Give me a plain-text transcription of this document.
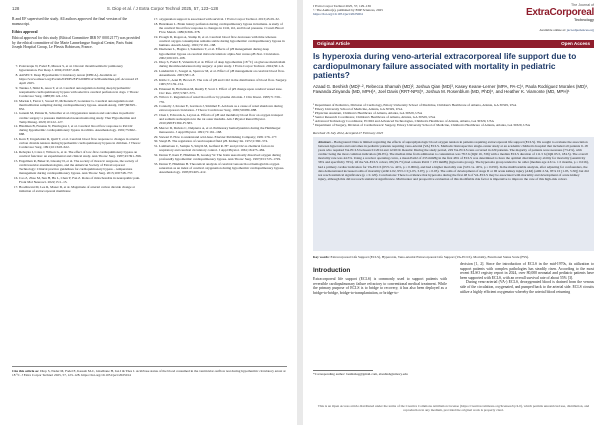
128	S. Diop et al. / J Extra Corpor Technol 2025, 57, 123–128
R and EF supervised the study. All authors approved the final version of the manuscript.
Ethics approval
Ethical approval for this study (Ethical Committee IRB N° 00012177) was provided by the ethical committee of the Marie Lannelongue Surgical Center, Paris Saint Joseph Hospital Group, Le Plessis Robinson, France.
7. Polavarapu N, Fadel E, Mussot S, et al. Chronic thromboembolic pulmonary hypertension. Eur Resp J. 2004;23:637–648.
8. AmSECT. Deep Hypothermic Circulatory Arrest (DHCA). Available at: https://www.amsect.org/Portals/0/PDFs/EP%20DHCA%20Guidelines.pdf. Accessed 23 April 2025.
9. Tanaka J, Shiki K, Asou T, et al. Cerebral autoregulation during deep hypothermic nonpulsatile cardiopulmonary bypass with selective cerebral perfusion in dogs. J Thorac Cardiovasc Surg. 1988;95:124–132.
10. Mackie I, Farrar J, Sweed W, McKenzie F, Gonzalez G. Cerebral autoregulation and thermodilution sampling during cardiopulmonary bypass. Anesth Analg. 1987;66:825–832.
11. Ganesh M, Painter R, Schreiber et al. Oxygenation tension and outcomes in pediatric cardiac surgery: a pressure multimodal neuromonitoring study. Ther Hypothermia and Temp Manag. 2020;10:122–127.
12. Hindman B, Funatsu N, Harrington J, et al. Cerebral blood flow response to PaCO2 during hypothermic cardiopulmonary bypass in rabbits. Anesthesiology. 1991;75:662–668.
13. Kern F, Ungerleider R, Quill T, et al. Cerebral blood flow response to changes in arterial carbon dioxide tension during hypothermic cardiopulmonary bypass in children. J Thorac Cardiovasc Surg. 1991;101:618–622.
14. Rebeyka I, Coles J, Wilson G, et al. The effect of low-flow cardiopulmonary bypass on cerebral function: an experimental and clinical study. Ann Thorac Surg. 1987;43:391–396.
15. Engelman R, Baker R, Likosky D, et al. The society of thoracic surgeons, the society of cardiovascular anesthesiologists, and the American Society of ExtraCorporeal Technology: Clinical practice guidelines for cardiopulmonary bypass – temperature management during cardiopulmonary bypass. Ann Thorac Surg. 2015;100:748–757.
16. Cao Z, Zhao M, Sun H, Hu L, Chen Y, Fan Z. Roles of mitochondria in neuropathic pain. Front Mol Neurosci. 2022;15:1–13.
17. Boodhwani M, Lee R, Mazer D, et al. Magnitude of arterial carbon dioxide change at initiation of extracorporeal membrane
17. oxygenation support is associated with survival. J Extra Corpor Technol. 2013;45:29–32.
18. Henriksen L. Brain luxury perfusion during cardiopulmonary bypass in humans. A study of the cerebral blood flow response to changes in CO2, O2, and blood pressure. J Cereb Blood Flow Metab. 1986;6:366–378.
19. Prough D, Rogers A, Stump D, et al. Cerebral blood flow decreases with time whereas cerebral oxygen consumption remains stable during hypothermic cardiopulmonary bypass in humans. Anesth Analg. 1991;72:161–168.
20. Duebener L, Hagino I, Sakamoto T, et al. Effects of pH management during deep hypothermic bypass on cerebral microcirculation: alpha-Stat versus pH-Stat. Circulation. 2002;106:103–108.
21. Diop S, Fadel E, Valentin P, et al. Effect of deep hypothermia (18 °C) on glucose metabolism during thromboendarterectomy surgery: A pilot study. J Extra Corpor Technol. 2024;56:1–6.
22. Lundström C, Sougal A, Sparrow M, et al. Effect of pH management on cerebral blood flow. Anaesthesia. 2003;58:1–8.
23. Kittle C, Aoki H, Brown E. The role of pH and CO2 in the distribution of blood flow. Surgery. 1965;57:139–154.
24. Emanuel D, Holtzman M, Ruddy F, Scott J. Effect of pH change upon cerebral vessel tone. Circ Res. 1957;5:567–573.
25. Wilcox C. Regulation of renal blood flow by plasma chloride. J Clin Invest. 1983;71:726–735.
26. Connolly J, Kroner E, Garrison J, Stimmel E. Acidosis as a cause of renal shutdown during extracorporeal circulation. J Thorac Cardiovasc Surg. 1965;50:680–688.
27. Chen J, Edwards A, Layton A. Effects of pH and medullary blood flow on oxygen transport and sodium reabsorption in the rat outer medulla. Am J Physiol Renal Physiol. 2010;298:F1369–F1383.
28. Mercer D, Dubois C, Delpierre A, et al. Pulmonary hemodynamics during the Hamburger manoeuvre. J Appl Physiol. 1991;71:161–168.
29. Stewart P. How to understand acid-base. Elsevier Publishing Company; 1981:176–177.
30. Siesjö B. The regulation of cerebrospinal fluid pH. Kidney Int. 1972;1:360–374.
31. Lambertsen C, Semple S, Smyth M, Gelfand R. H+ and pCO2 as chemical factors in respiratory and cerebral circulatory control. J Appl Physiol. 1961;16:473–484.
32. Dexter F, Kern F, Hindman B, Greeley W. The brain uses mostly dissolved oxygen during profoundly hypothermic cardiopulmonary bypass. Ann Thorac Surg. 1997;63:1725–1729.
33. Dexter F, Hindman B. Theoretical analysis of cerebral venous blood hemoglobin oxygen saturation as an index of cerebral oxygenation during hypothermic cardiopulmonary bypass. Anesthesiology. 1995;83:405–412.
Cite this article as: Diop S, Nader M, Fadel E, Kessab M-C, Ghadbane H, Ion I & Thes J. Acid/base status of the blood consumed in the ventricular outflow test during hypothermic circulatory arrest at 18 °C. J Extra Corpor Technol 2025, 57, 123–128. https://doi.org/10.1051/ject/2025014
J Extra Corpor Technol 2025, 57, 129–136
© The Author(s), published by EDP Sciences, 2025
https://doi.org/10.1051/ject/2025004
The Journal of
ExtraCorporeal
Technology
Available online at: ject.edpsciences.org
Original Article	Open Access
Is hyperoxia during veno-arterial extracorporeal life support due to cardiopulmonary failure associated with mortality in pediatric patients?
Azaad G. Beshish (MD)¹·², Rebecca Shamah (MD)², Joshua Qian (MD)³, Kasey Keane-Lerner (MPA, PA-C)¹, Paola Rodriguez Morales (MD)¹, Fawanda Zinyandu (MD, MPH)⁴, Joel Davis (RRT-NPS)⁵, Joshua M. Rosenblum (MD, PhD)⁶, and Heather K. Viamonte (MD, MPH)¹
¹ Department of Pediatrics, Division of Cardiology, Emory University School of Medicine, Children's Healthcare of Atlanta, Atlanta, GA 30329, USA
² Emory University School of Medicine, Atlanta, GA 30329, USA
³ Physician Assistant, Children's Healthcare of Atlanta, Atlanta, GA 30329, USA
⁴ Senior Research Coordinator, Children's Healthcare of Atlanta, Atlanta, GA 30329, USA
⁵ Advanced Technology Coordinator, ECMO and Advanced Technologies, Children's Healthcare of Atlanta, Atlanta, GA 30329, USA
⁶ Department of Surgery, Division of Cardiothoracic Surgery, Emory University School of Medicine, Children's Healthcare of Atlanta, Atlanta, GA 30329, USA
Received 16 July 2024, Accepted 27 February 2025
Abstract – Background: Data is limited regarding the effects of supraphysiologic blood oxygen tension in patients requiring extracorporeal life support (ECLS). We sought to evaluate the association between hyperoxia and outcomes in pediatric patients requiring veno-arterial (VA) ECLS. Methods: Retrospective single-center study at an academic children's hospital that included all patients 0–18 years who required VA-ECLS between 01/2014 and 12/2019. Results: During the study period, 229 VA-ECLS runs occurred in 229 patients. The majority of patients were neonates (73.4%), with cardiac being the most common indication (49.9%). The median time from admission to cannulation was 78.5 h (IQR 16, 336) with a median ECLS duration of 111.5 h (IQR 65.5, 184.5). The overall mortality rate was 44.5%. Using a receiver operating curve, a mean PaO2 of 233 mmHg in the first 48 h of ECLS was determined to have the optimal discriminatory ability for mortality (sensitivity 36% and specificity 76%). Of the VA-ECLS cohort, 68 (29.7%) had a mean PaO2 > 233 mmHg (hyperoxia group). The hyperoxia group tended to be older (median age 4.6 vs. 1.5 months, p = 0.016), had a primary cardiac indication for VA-ECLS (65% vs. 44%, p = 0.0004), and had a higher mortality rate (54% vs. 40%, p = 0.050). In the multivariable analysis, after adjusting for confounders, the data demonstrated increased odds of mortality (aOR 2.02, 95% CI [1.05, 3.97], p = 0.03). The odds of development of stage II or III acute kidney injury (AKI) (aOR 2.54, 95% CI [1.05, 5.50]) but did not reach statistical significance (p = 0.120). Conclusions: There is evidence that hyperoxia during the first 48 h of VA-ECLS may be associated with mortality and development of acute kidney injury, although this did not reach statistical significance. Multicenter and prospective evaluation of this modifiable risk factor is imperative to improve the care of this high-risk cohort.
Key words: Extracorporeal Life Support (ECLS), Hyperoxia, Veno-arterial Extracorporeal Life Support (VA-ECLS), Mortality, Functional Status Scale (FSS).
Introduction
Extracorporeal life support (ECLS) is commonly used to support patients with reversible cardiopulmonary failure refractory to conventional medical treatment. While the primary purpose of ECLS is to bridge to recovery, it has also been deployed as a bridge-to-bridge, bridge-to-transplantation, or bridge-to-
decision [1, 2]. Since the introduction of ECLS in the mid-1970s, its utilization to support patients with complex pathologies has steadily risen. According to the most recent ELSO registry report in 2024, over 80,000 neonatal and pediatric patients have been supported with ECLS, with an overall survival rate of about 55% [3].
During veno-arterial (VA-) ECLS, deoxygenated blood is drained from the venous side of the circulation, oxygenated, and pumped back to the arterial side. ECLS circuits utilize a highly efficient oxygenator whereby the arterial blood returning
*Corresponding author: beshishag@gmail.com, abeshish@emory.edu
This is an Open Access article distributed under the terms of the Creative Commons Attribution License (https://creativecommons.org/licenses/by/4.0), which permits unrestricted use, distribution, and reproduction in any medium, provided the original work is properly cited.
